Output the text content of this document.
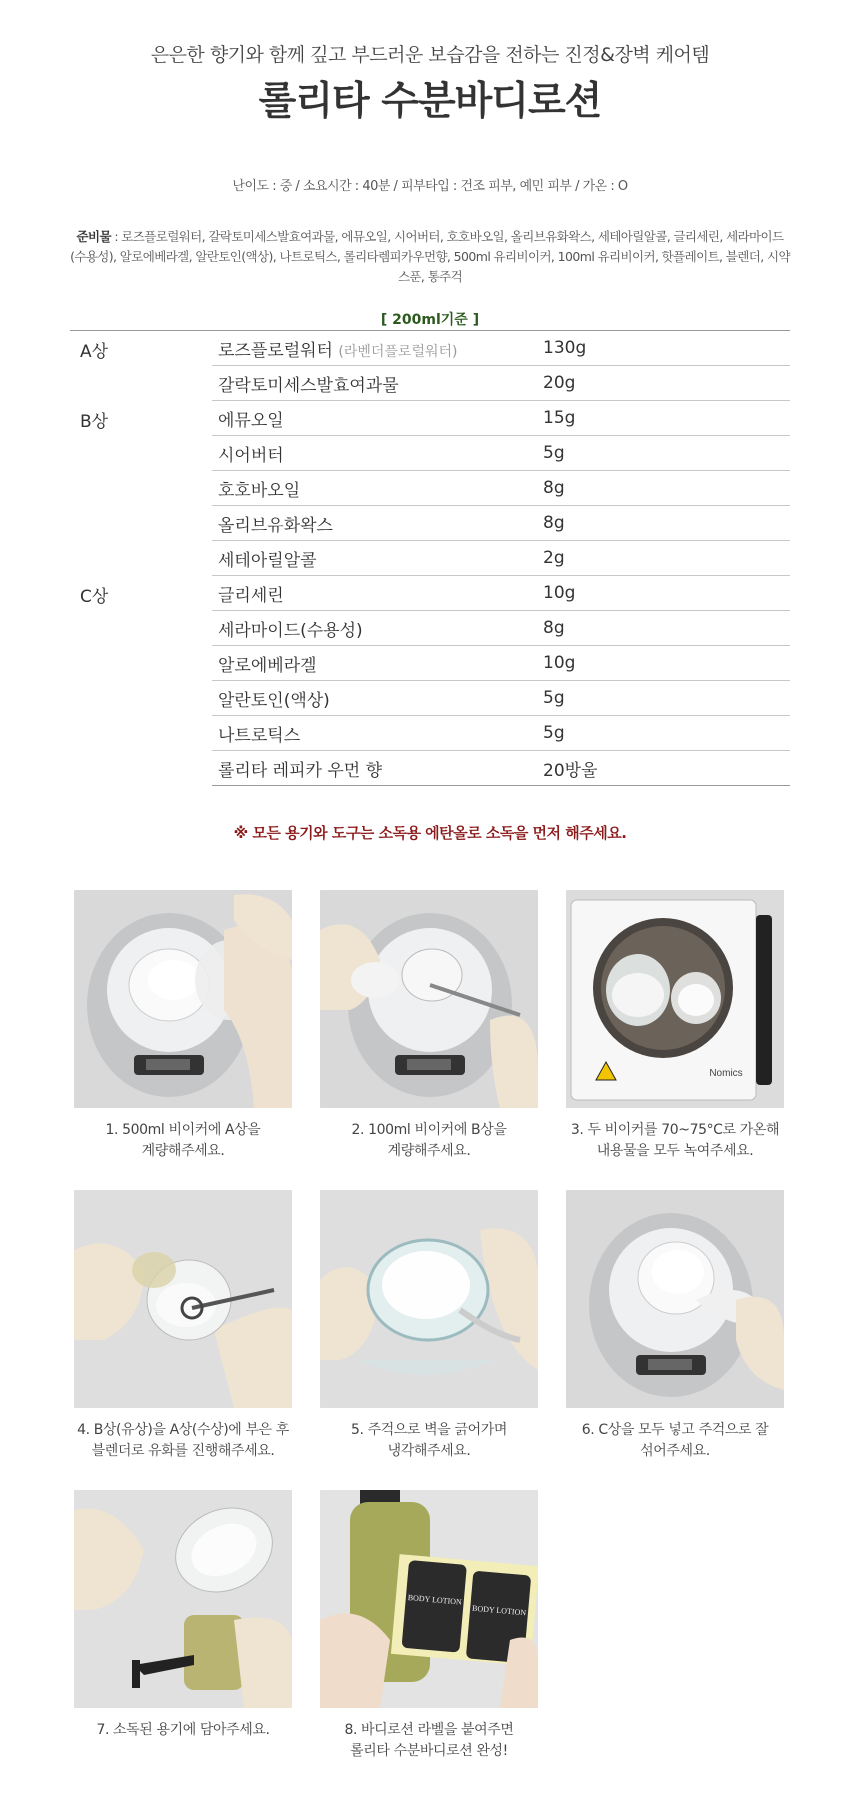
은은한 향기와 함께 깊고 부드러운 보습감을 전하는 진정&장벽 케어템
롤리타 수분바디로션
난이도 : 중 / 소요시간 : 40분 / 피부타입 : 건조 피부, 예민 피부 / 가온 : O
준비물 : 로즈플로럴워터, 갈락토미세스발효여과물, 에뮤오일, 시어버터, 호호바오일, 올리브유화왁스, 세테아릴알콜, 글리세린, 세라마이드(수용성), 알로에베라겔, 알란토인(액상), 나트로틱스, 롤리타렘피카우먼향, 500ml 유리비이커, 100ml 유리비이커, 핫플레이트, 블렌더, 시약스푼, 통주걱
[ 200ml기준 ]
A상	로즈플로럴워터 (라벤더플로럴워터)	130g
	갈락토미세스발효여과물	20g
B상	에뮤오일	15g
	시어버터	5g
	호호바오일	8g
	올리브유화왁스	8g
	세테아릴알콜	2g
C상	글리세린	10g
	세라마이드(수용성)	8g
	알로에베라겔	10g
	알란토인(액상)	5g
	나트로틱스	5g
	롤리타 레피카 우먼 향	20방울
※ 모든 용기와 도구는 소독용 에탄올로 소독을 먼저 해주세요.
1. 500ml 비이커에 A상을
계량해주세요.
2. 100ml 비이커에 B상을
계량해주세요.
Nomics
3. 두 비이커를 70~75°C로 가온해
내용물을 모두 녹여주세요.
4. B상(유상)을 A상(수상)에 부은 후
블렌더로 유화를 진행해주세요.
5. 주걱으로 벽을 긁어가며
냉각해주세요.
6. C상을 모두 넣고 주걱으로 잘
섞어주세요.
7. 소독된 용기에 담아주세요.
BODY LOTION
BODY LOTION
8. 바디로션 라벨을 붙여주면
롤리타 수분바디로션 완성!
